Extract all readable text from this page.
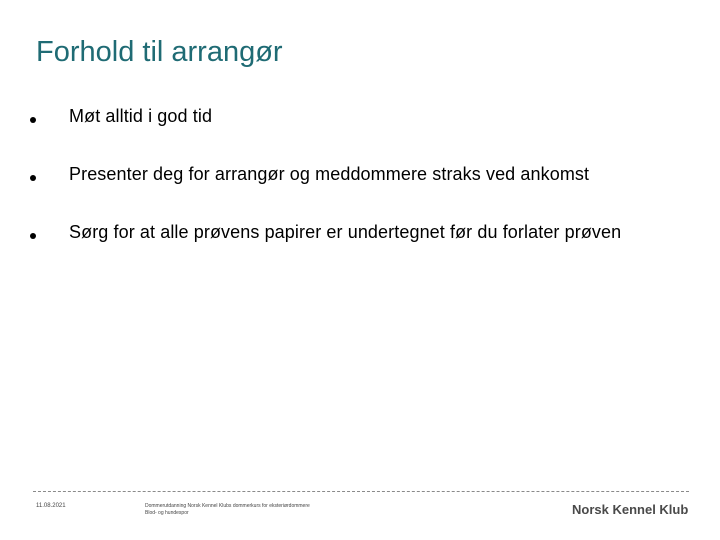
Forhold til arrangør
Møt alltid i god tid
Presenter deg for arrangør og meddommere straks ved ankomst
Sørg for at alle prøvens papirer er undertegnet før du forlater prøven
11.08.2021	Dommerutdanning Norsk Kennel Klubs dommerkurs for eksteriørdommere
Blod- og hundespor	Norsk Kennel Klub
